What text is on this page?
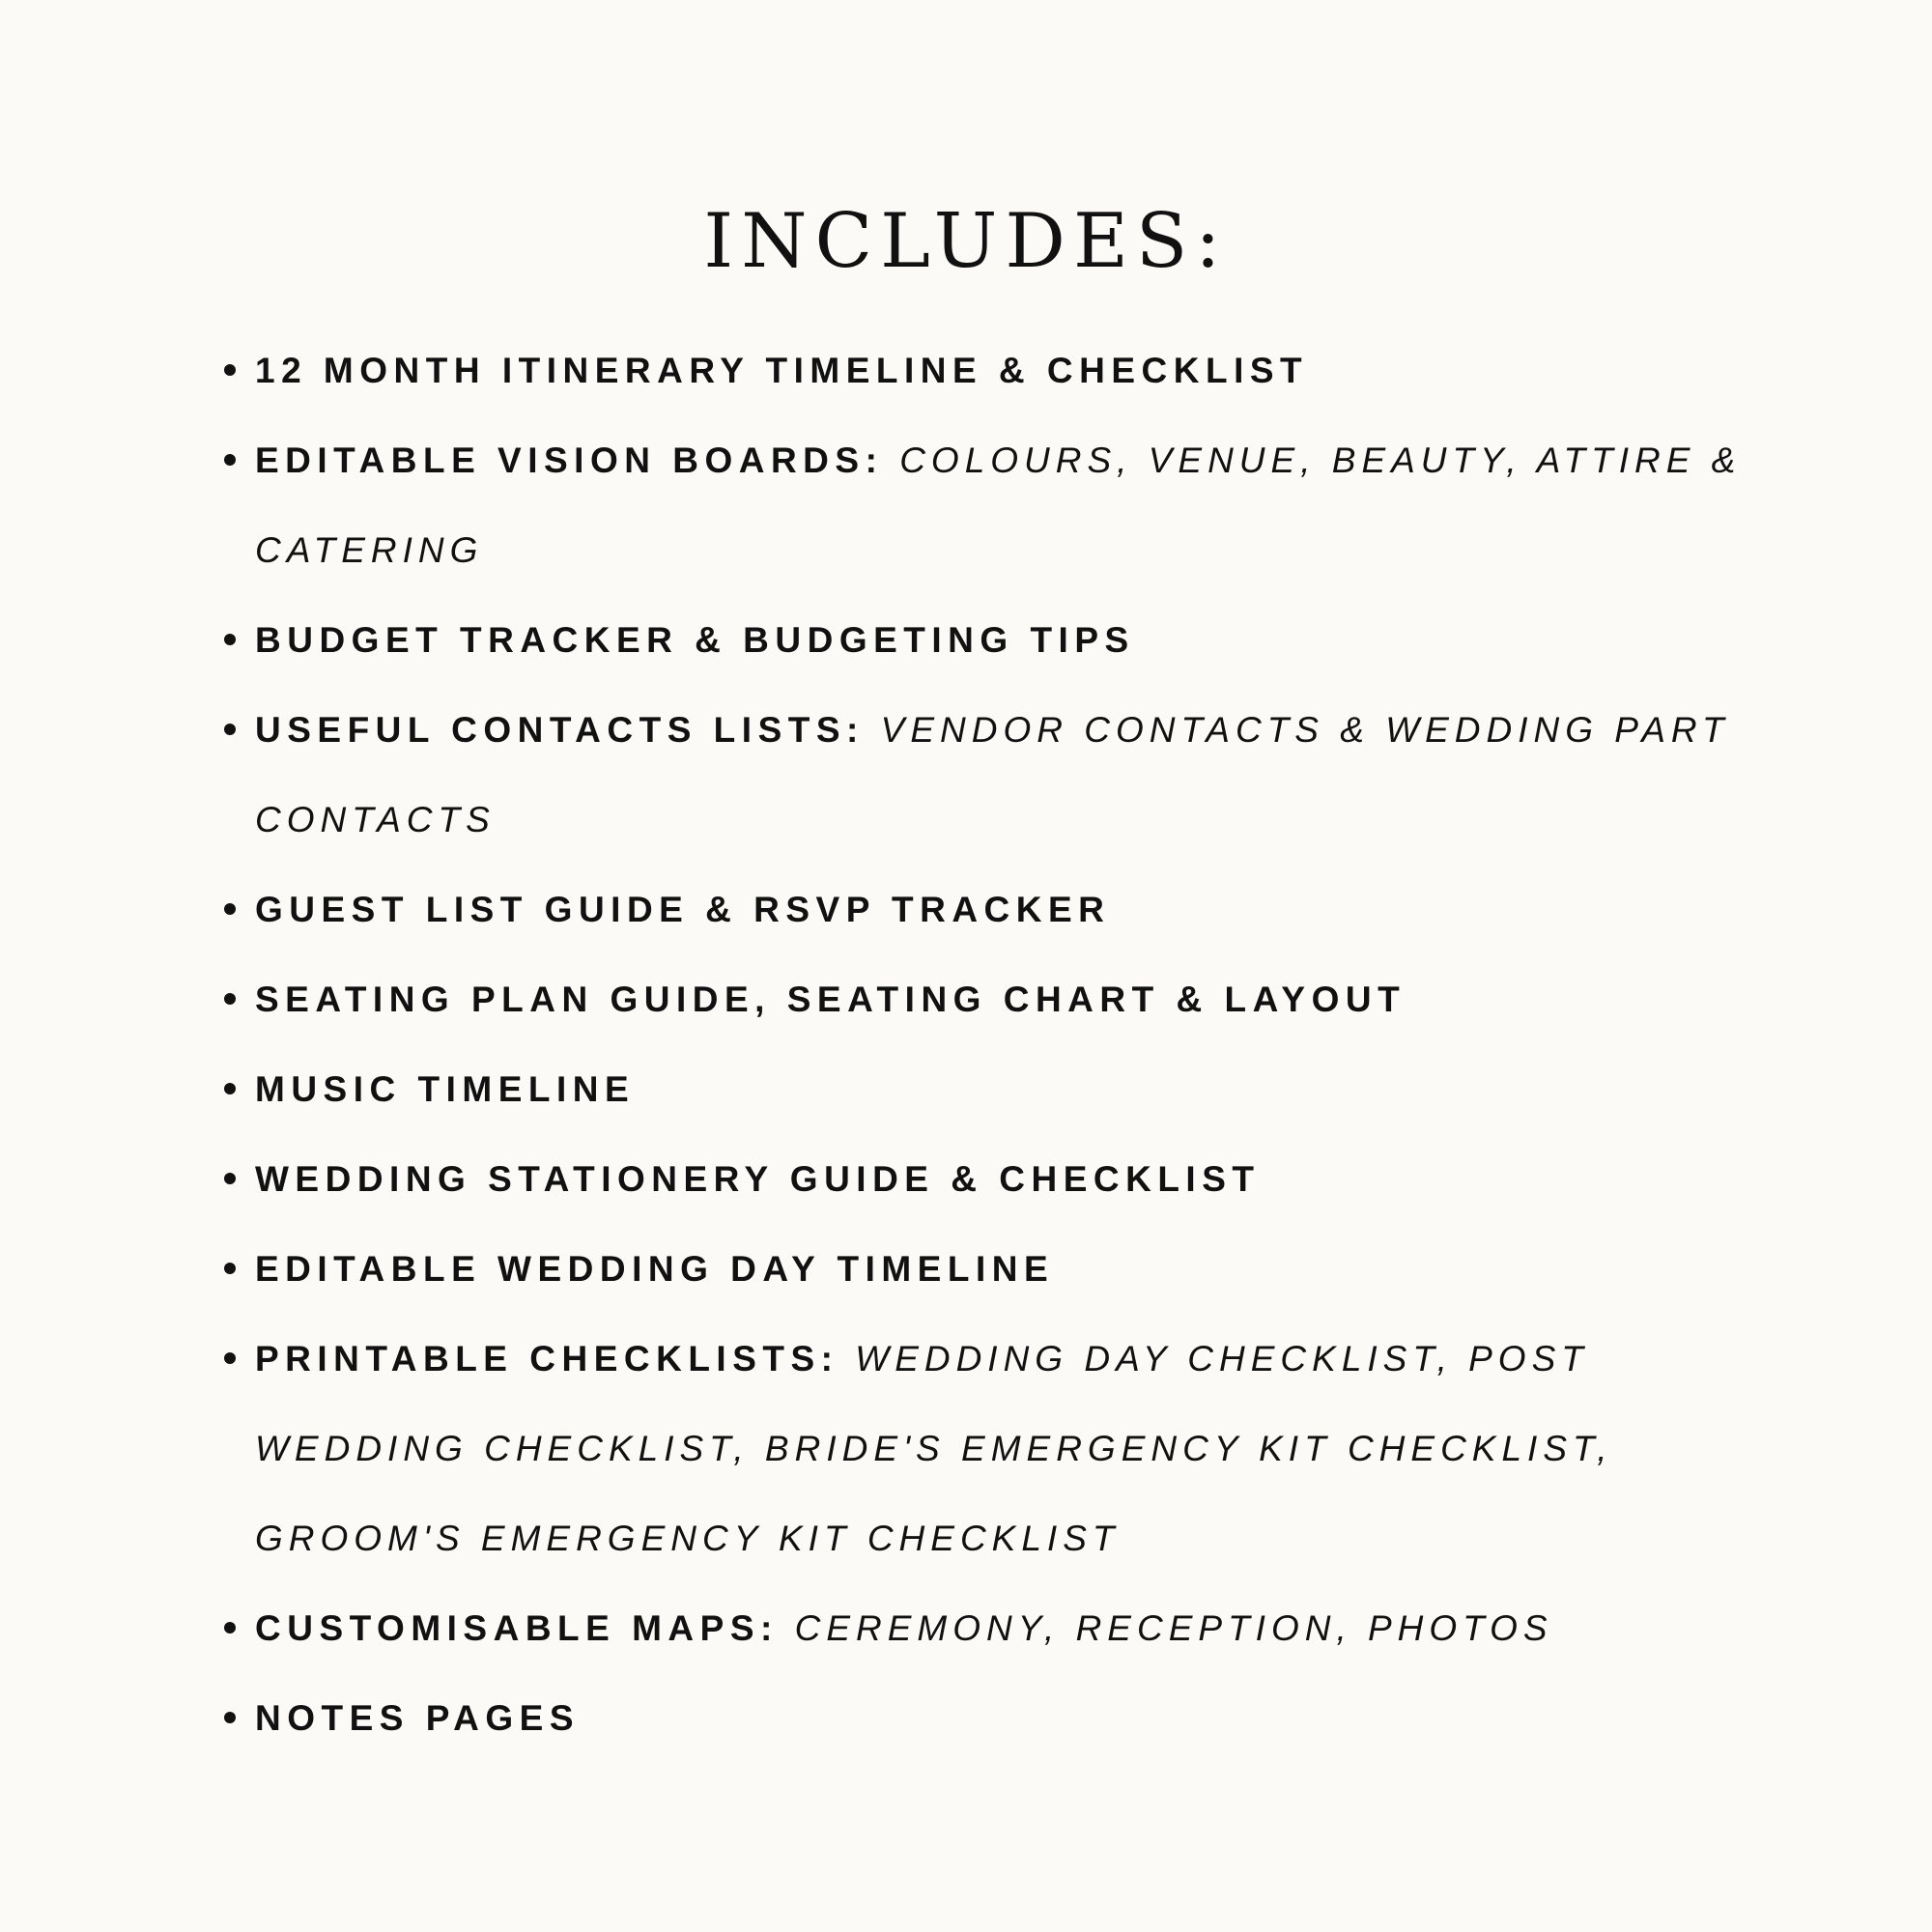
INCLUDES:
12 MONTH ITINERARY TIMELINE & CHECKLIST
EDITABLE VISION BOARDS: COLOURS, VENUE, BEAUTY, ATTIRE & CATERING
BUDGET TRACKER & BUDGETING TIPS
USEFUL CONTACTS LISTS: VENDOR CONTACTS & WEDDING PART CONTACTS
GUEST LIST GUIDE & RSVP TRACKER
SEATING PLAN GUIDE, SEATING CHART & LAYOUT
MUSIC TIMELINE
WEDDING STATIONERY GUIDE & CHECKLIST
EDITABLE WEDDING DAY TIMELINE
PRINTABLE CHECKLISTS: WEDDING DAY CHECKLIST, POST WEDDING CHECKLIST, BRIDE'S EMERGENCY KIT CHECKLIST, GROOM'S EMERGENCY KIT CHECKLIST
CUSTOMISABLE MAPS: CEREMONY, RECEPTION, PHOTOS
NOTES PAGES
